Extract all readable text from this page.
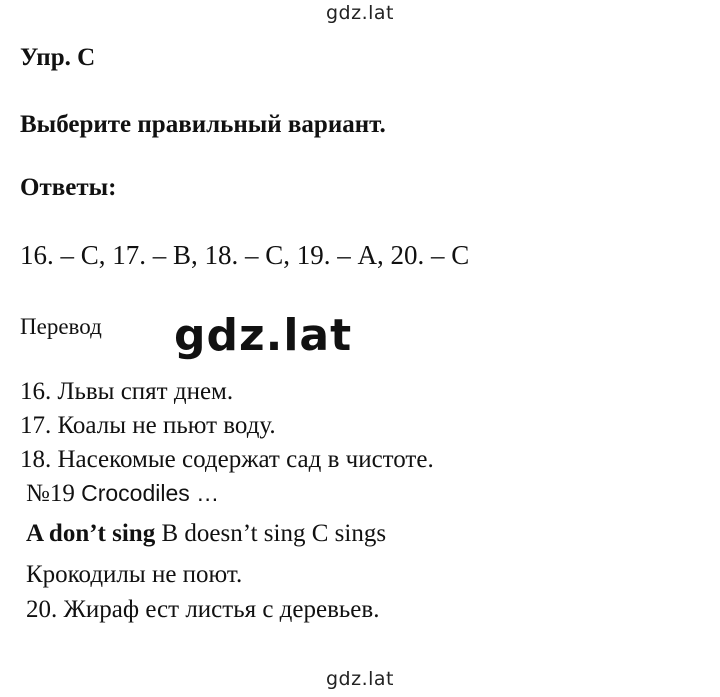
gdz.lat
Упр. С
Выберите правильный вариант.
Ответы:
16. – С, 17. – В, 18. – С, 19. – А, 20. – С
Перевод gdz.lat
16. Львы спят днем.
17. Коалы не пьют воду.
18. Насекомые содержат сад в чистоте.
№19 Crocodiles …
A don’t sing B doesn’t sing C sings
Крокодилы не поют.
20. Жираф ест листья с деревьев.
gdz.lat
